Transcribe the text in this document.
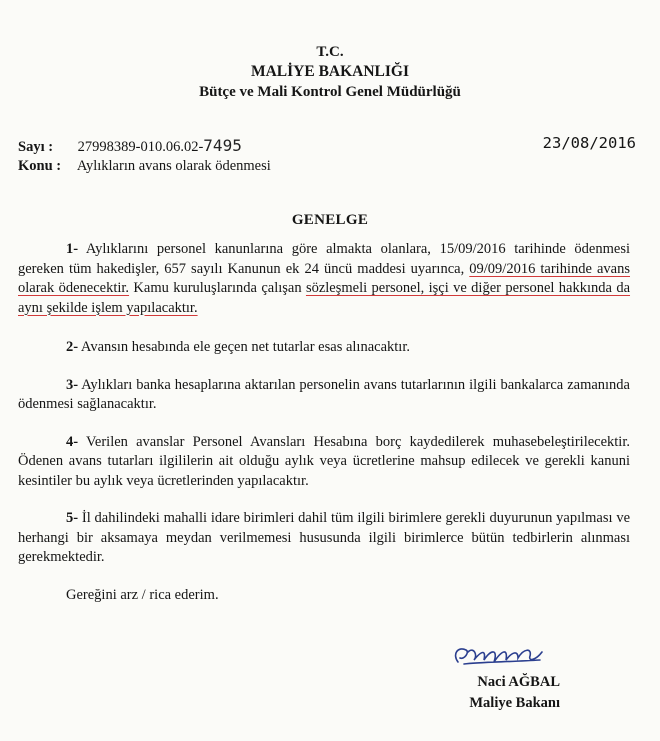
T.C.
MALİYE BAKANLIĞI
Bütçe ve Mali Kontrol Genel Müdürlüğü
Sayı : 27998389-010.06.02-7495
Konu : Aylıkların avans olarak ödenmesi
23/08/2016
GENELGE

1- Aylıklarını personel kanunlarına göre almakta olanlara, 15/09/2016 tarihinde ödenmesi gereken tüm hakedişler, 657 sayılı Kanunun ek 24 üncü maddesi uyarınca, 09/09/2016 tarihinde avans olarak ödenecektir. Kamu kuruluşlarında çalışan sözleşmeli personel, işçi ve diğer personel hakkında da aynı şekilde işlem yapılacaktır.

2- Avansın hesabında ele geçen net tutarlar esas alınacaktır.

3- Aylıkları banka hesaplarına aktarılan personelin avans tutarlarının ilgili bankalarca zamanında ödenmesi sağlanacaktır.

4- Verilen avanslar Personel Avansları Hesabına borç kaydedilerek muhasebeleştirilecektir. Ödenen avans tutarları ilgililerin ait olduğu aylık veya ücretlerine mahsup edilecek ve gerekli kanuni kesintiler bu aylık veya ücretlerinden yapılacaktır.

5- İl dahilindeki mahalli idare birimleri dahil tüm ilgili birimlere gerekli duyurunun yapılması ve herhangi bir aksamaya meydan verilmemesi hususunda ilgili birimlerce bütün tedbirlerin alınması gerekmektedir.

Gereğini arz / rica ederim.

Naci AĞBAL
Maliye Bakanı
